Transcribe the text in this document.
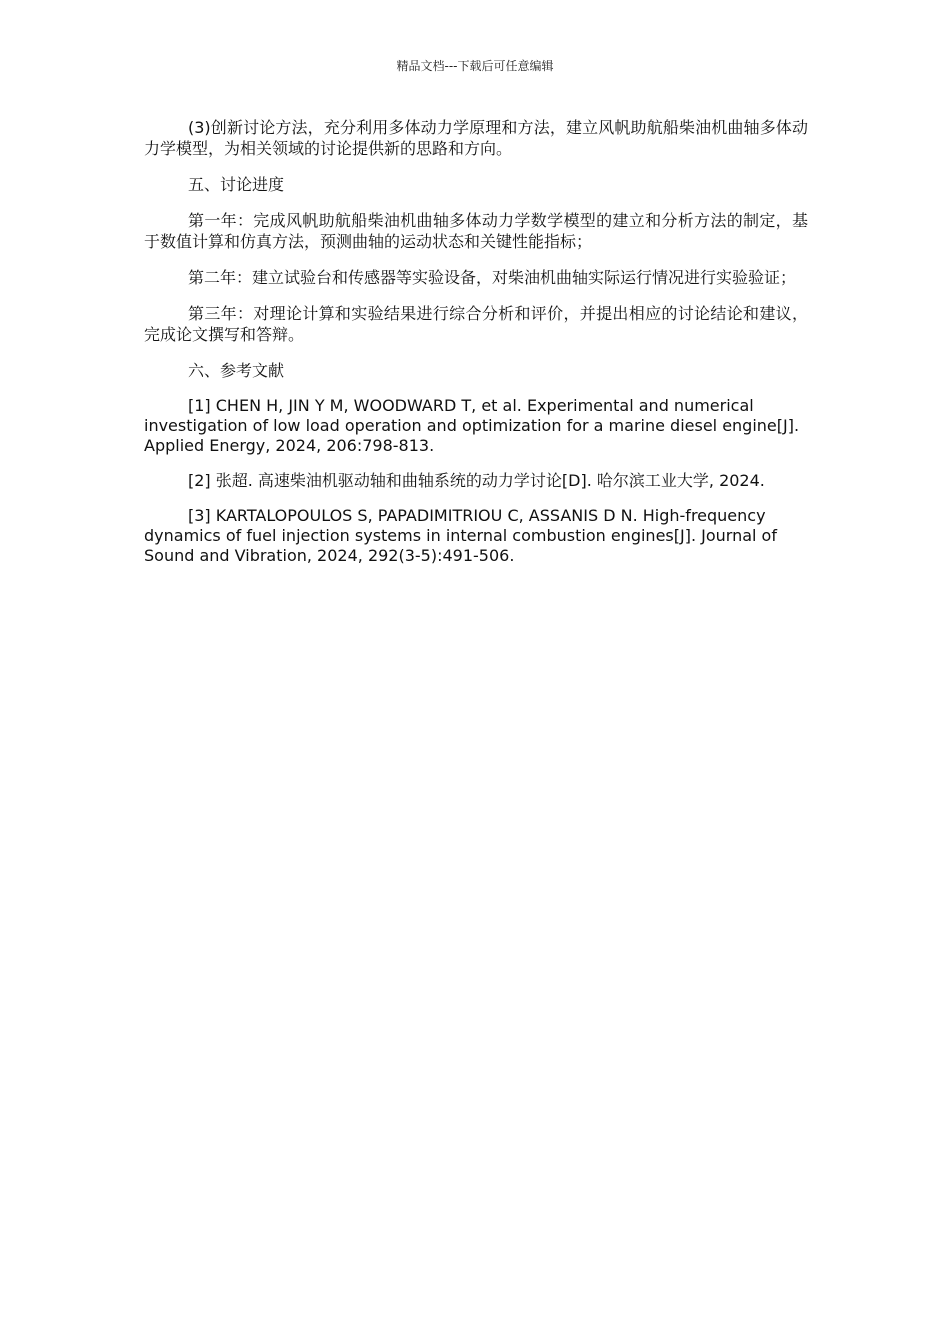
精品文档---下载后可任意编辑

(3)创新讨论方法，充分利用多体动力学原理和方法，建立风帆助航船柴油机曲轴多体动力学模型，为相关领域的讨论提供新的思路和方向。

五、讨论进度

第一年：完成风帆助航船柴油机曲轴多体动力学数学模型的建立和分析方法的制定，基于数值计算和仿真方法，预测曲轴的运动状态和关键性能指标；

第二年：建立试验台和传感器等实验设备，对柴油机曲轴实际运行情况进行实验验证；

第三年：对理论计算和实验结果进行综合分析和评价，并提出相应的讨论结论和建议，完成论文撰写和答辩。

六、参考文献

[1] CHEN H, JIN Y M, WOODWARD T, et al. Experimental and numerical investigation of low load operation and optimization for a marine diesel engine[J]. Applied Energy, 2024, 206:798-813.

[2] 张超. 高速柴油机驱动轴和曲轴系统的动力学讨论[D]. 哈尔滨工业大学, 2024.

[3] KARTALOPOULOS S, PAPADIMITRIOU C, ASSANIS D N. High-frequency dynamics of fuel injection systems in internal combustion engines[J]. Journal of Sound and Vibration, 2024, 292(3-5):491-506.
